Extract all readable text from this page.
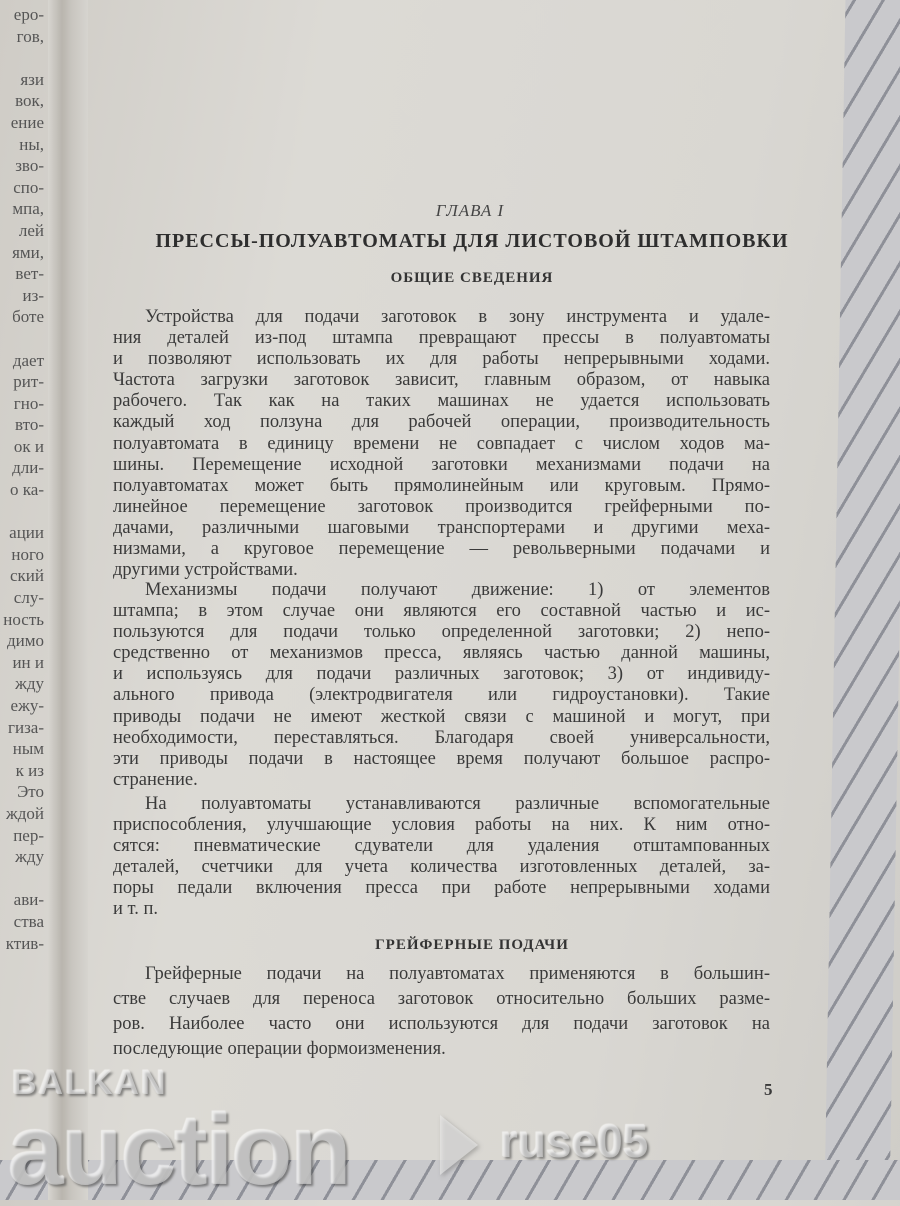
еро-
гов,
язи
вок,
ение
ны,
зво-
спо-
мпа,
лей
ями,
вет-
из-
боте
дает
рит-
гно-
вто-
ок и
дли-
о ка-
ации
ного
ский
слу-
ность
димо
ин и
жду
ежу-
гиза-
ным
к из
Это
ждой
пер-
жду
ави-
ства
ктив-
ГЛАВА I
ПРЕССЫ-ПОЛУАВТОМАТЫ ДЛЯ ЛИСТОВОЙ ШТАМПОВКИ
ОБЩИЕ СВЕДЕНИЯ
Устройства для подачи заготовок в зону инструмента и удале-
ния деталей из-под штампа превращают прессы в полуавтоматы
и позволяют использовать их для работы непрерывными ходами.
Частота загрузки заготовок зависит, главным образом, от навыка
рабочего. Так как на таких машинах не удается использовать
каждый ход ползуна для рабочей операции, производительность
полуавтомата в единицу времени не совпадает с числом ходов ма-
шины. Перемещение исходной заготовки механизмами подачи на
полуавтоматах может быть прямолинейным или круговым. Прямо-
линейное перемещение заготовок производится грейферными по-
дачами, различными шаговыми транспортерами и другими меха-
низмами, а круговое перемещение — револьверными подачами и
другими устройствами.
Механизмы подачи получают движение: 1) от элементов
штампа; в этом случае они являются его составной частью и ис-
пользуются для подачи только определенной заготовки; 2) непо-
средственно от механизмов пресса, являясь частью данной машины,
и используясь для подачи различных заготовок; 3) от индивиду-
ального привода (электродвигателя или гидроустановки). Такие
приводы подачи не имеют жесткой связи с машиной и могут, при
необходимости, переставляться. Благодаря своей универсальности,
эти приводы подачи в настоящее время получают большое распро-
странение.
На полуавтоматы устанавливаются различные вспомогательные
приспособления, улучшающие условия работы на них. К ним отно-
сятся: пневматические сдуватели для удаления отштампованных
деталей, счетчики для учета количества изготовленных деталей, за-
поры педали включения пресса при работе непрерывными ходами
и т. п.
ГРЕЙФЕРНЫЕ ПОДАЧИ
Грейферные подачи на полуавтоматах применяются в большин-
стве случаев для переноса заготовок относительно больших разме-
ров. Наиболее часто они используются для подачи заготовок на
последующие операции формоизменения.
5
BALKAN
auction	ruse05
